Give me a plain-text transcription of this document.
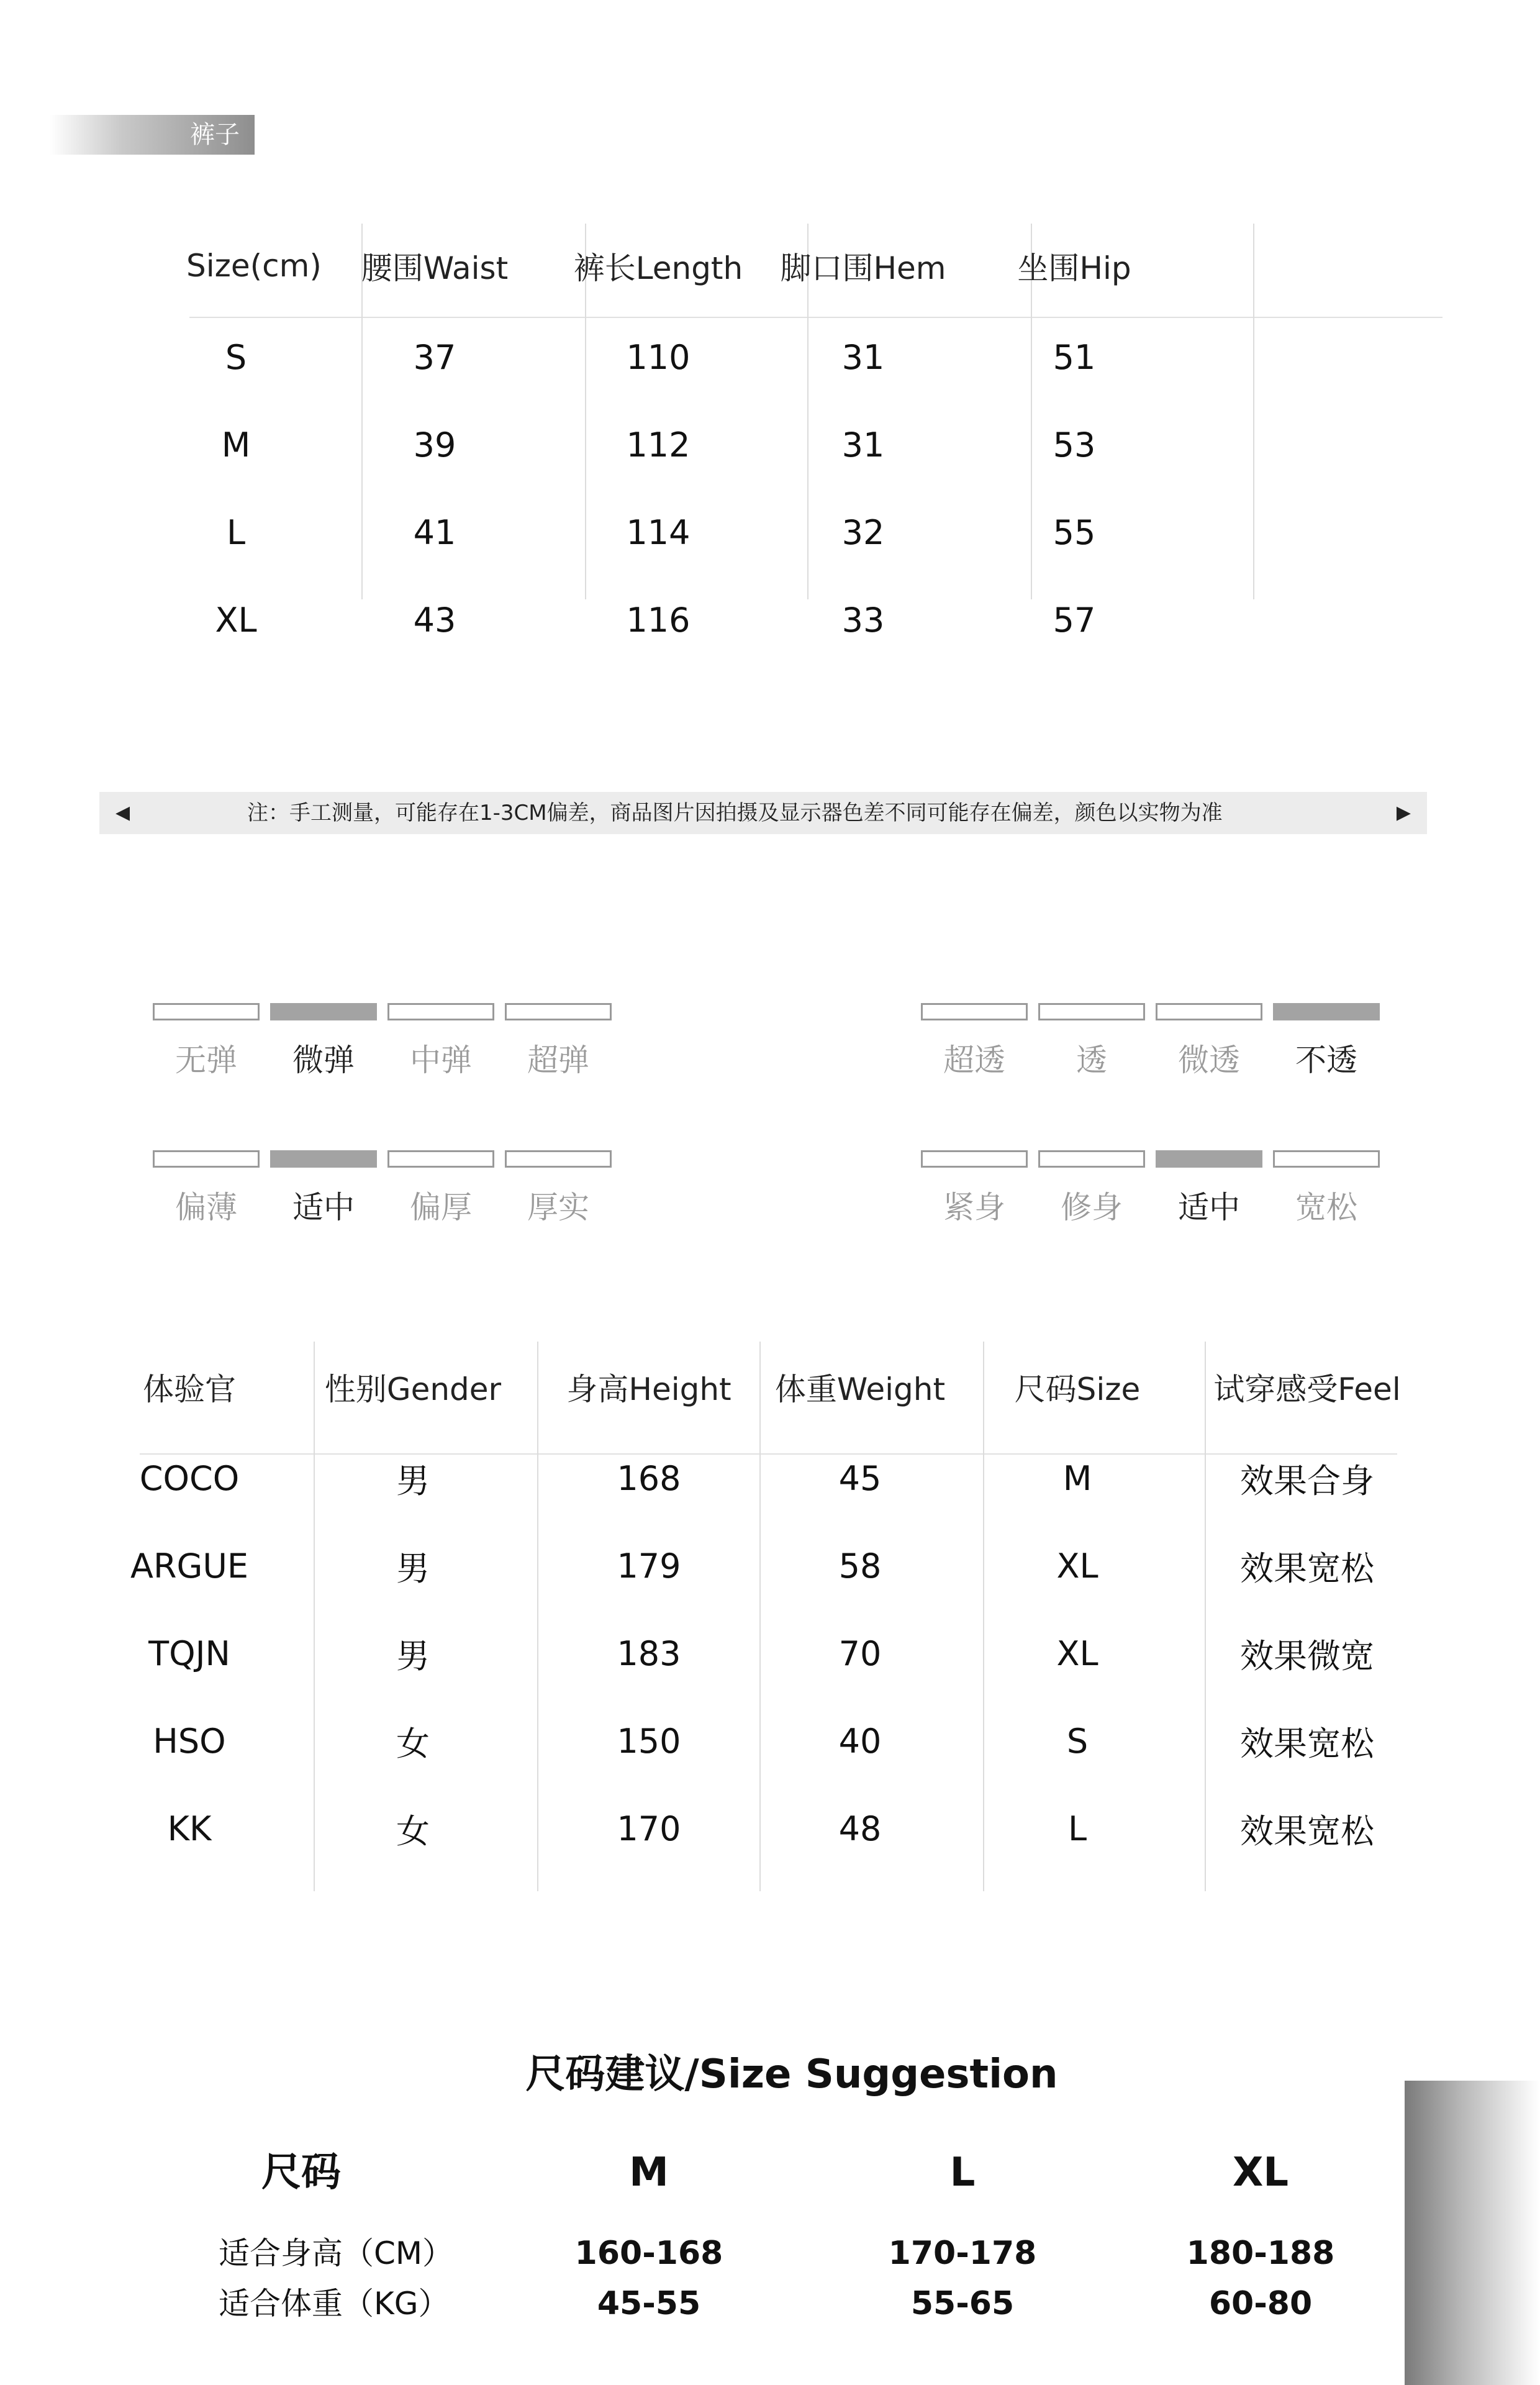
裤子
Size(cm)	腰围Waist	裤长Length	脚口围Hem	坐围Hip
S	37	110	31	51
M	39	112	31	53
L	41	114	32	55
XL	43	116	33	57
◀	注：手工测量，可能存在1-3CM偏差，商品图片因拍摄及显示器色差不同可能存在偏差，颜色以实物为准	▶
无弹	微弹	中弹	超弹	超透	透	微透	不透
偏薄	适中	偏厚	厚实	紧身	修身	适中	宽松
体验官	性别Gender	身高Height	体重Weight	尺码Size	试穿感受Feel
COCO	男	168	45	M	效果合身
ARGUE	男	179	58	XL	效果宽松
TQJN	男	183	70	XL	效果微宽
HSO	女	150	40	S	效果宽松
KK	女	170	48	L	效果宽松
尺码建议/Size Suggestion
尺码	M	L	XL
适合身高（CM）	160-168	170-178	180-188
适合体重（KG）	45-55	55-65	60-80
